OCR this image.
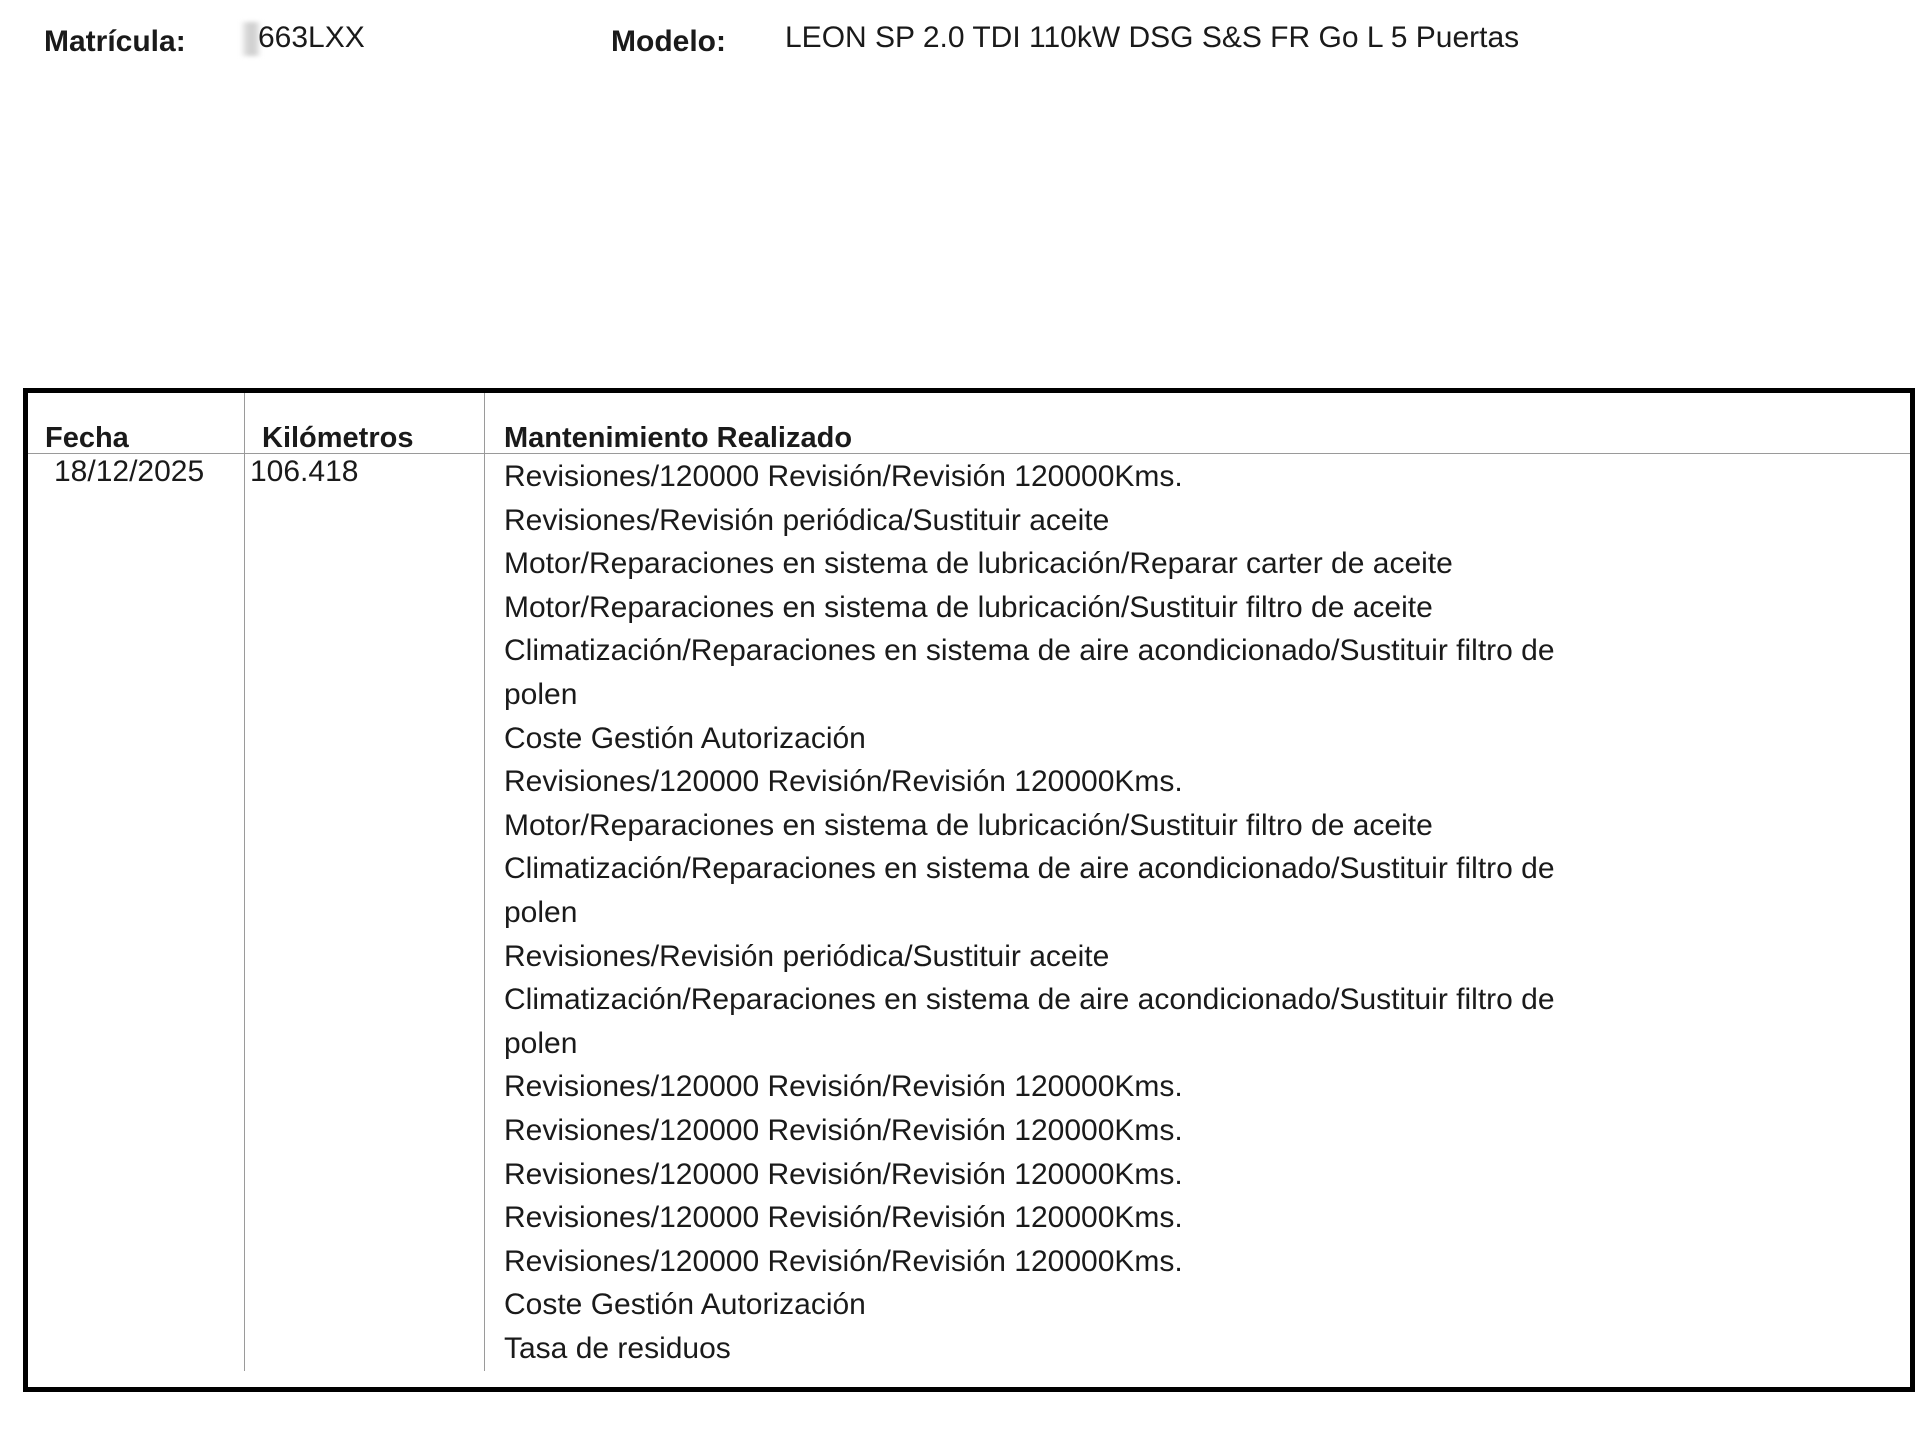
Matrícula: 663LXX	Modelo: LEON SP 2.0 TDI 110kW DSG S&S FR Go L 5 Puertas
Fecha	Kilómetros	Mantenimiento Realizado
18/12/2025 106.418	Revisiones/120000 Revisión/Revisión 120000Kms.
Revisiones/Revisión periódica/Sustituir aceite
Motor/Reparaciones en sistema de lubricación/Reparar carter de aceite
Motor/Reparaciones en sistema de lubricación/Sustituir filtro de aceite
Climatización/Reparaciones en sistema de aire acondicionado/Sustituir filtro de
polen
Coste Gestión Autorización
Revisiones/120000 Revisión/Revisión 120000Kms.
Motor/Reparaciones en sistema de lubricación/Sustituir filtro de aceite
Climatización/Reparaciones en sistema de aire acondicionado/Sustituir filtro de
polen
Revisiones/Revisión periódica/Sustituir aceite
Climatización/Reparaciones en sistema de aire acondicionado/Sustituir filtro de
polen
Revisiones/120000 Revisión/Revisión 120000Kms.
Revisiones/120000 Revisión/Revisión 120000Kms.
Revisiones/120000 Revisión/Revisión 120000Kms.
Revisiones/120000 Revisión/Revisión 120000Kms.
Revisiones/120000 Revisión/Revisión 120000Kms.
Coste Gestión Autorización
Tasa de residuos
